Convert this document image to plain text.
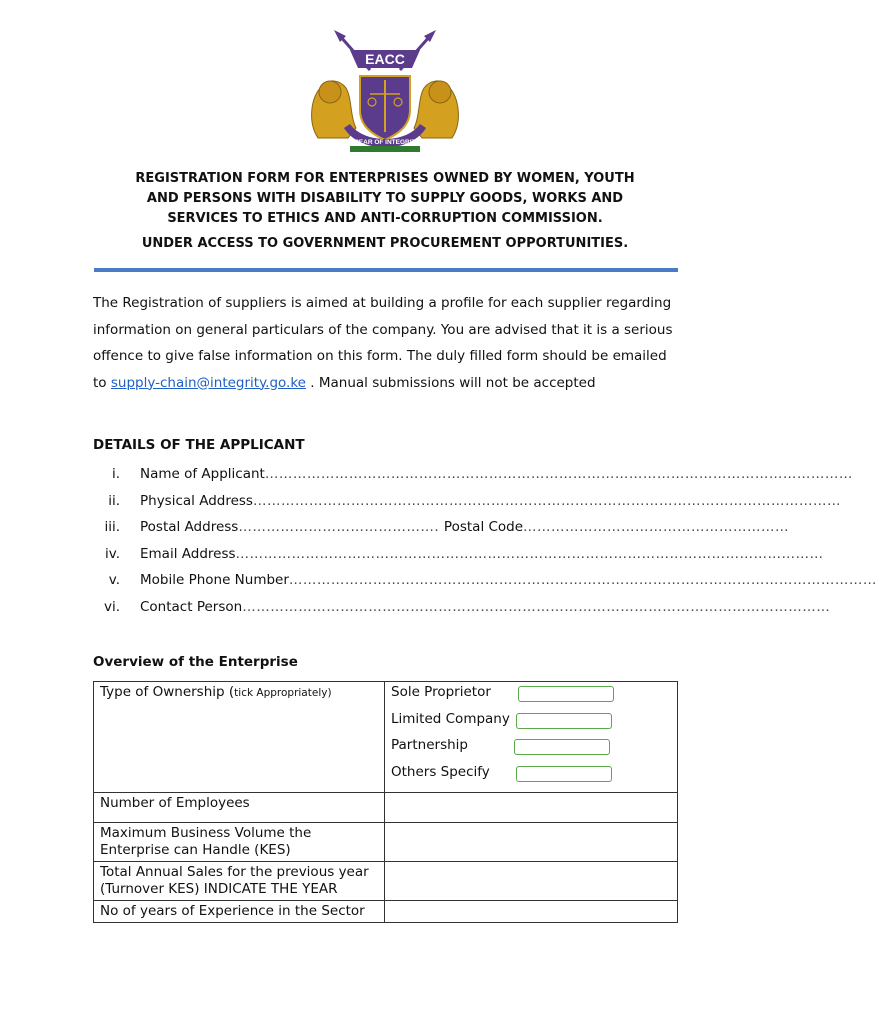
EACC
SPEAR OF INTEGRITY
REGISTRATION FORM FOR ENTERPRISES OWNED BY WOMEN, YOUTH
AND PERSONS WITH DISABILITY TO SUPPLY GOODS, WORKS AND
SERVICES TO ETHICS AND ANTI-CORRUPTION COMMISSION.
UNDER ACCESS TO GOVERNMENT PROCUREMENT OPPORTUNITIES.
The Registration of suppliers is aimed at building a profile for each supplier regarding information on general particulars of the company. You are advised that it is a serious offence to give false information on this form. The duly filled form should be emailed to supply-chain@integrity.go.ke . Manual submissions will not be accepted
DETAILS OF THE APPLICANT
i. Name of Applicant………………………………………………………………………………………………………………
ii. Physical Address………………………………………………………………………………………………………………
iii. Postal Address……………………………………. Postal Code…………………………………………………
iv. Email Address………………………………………………………………………………………………………………
v. Mobile Phone Number………………………………………………………………………………………………………………
vi. Contact Person………………………………………………………………………………………………………………
Overview of the Enterprise
Type of Ownership (tick Appropriately)	Sole Proprietor
Limited Company
Partnership
Others Specify

Number of Employees	
Maximum Business Volume the Enterprise can Handle (KES)	
Total Annual Sales for the previous year (Turnover KES) INDICATE THE YEAR	
No of years of Experience in the Sector	
